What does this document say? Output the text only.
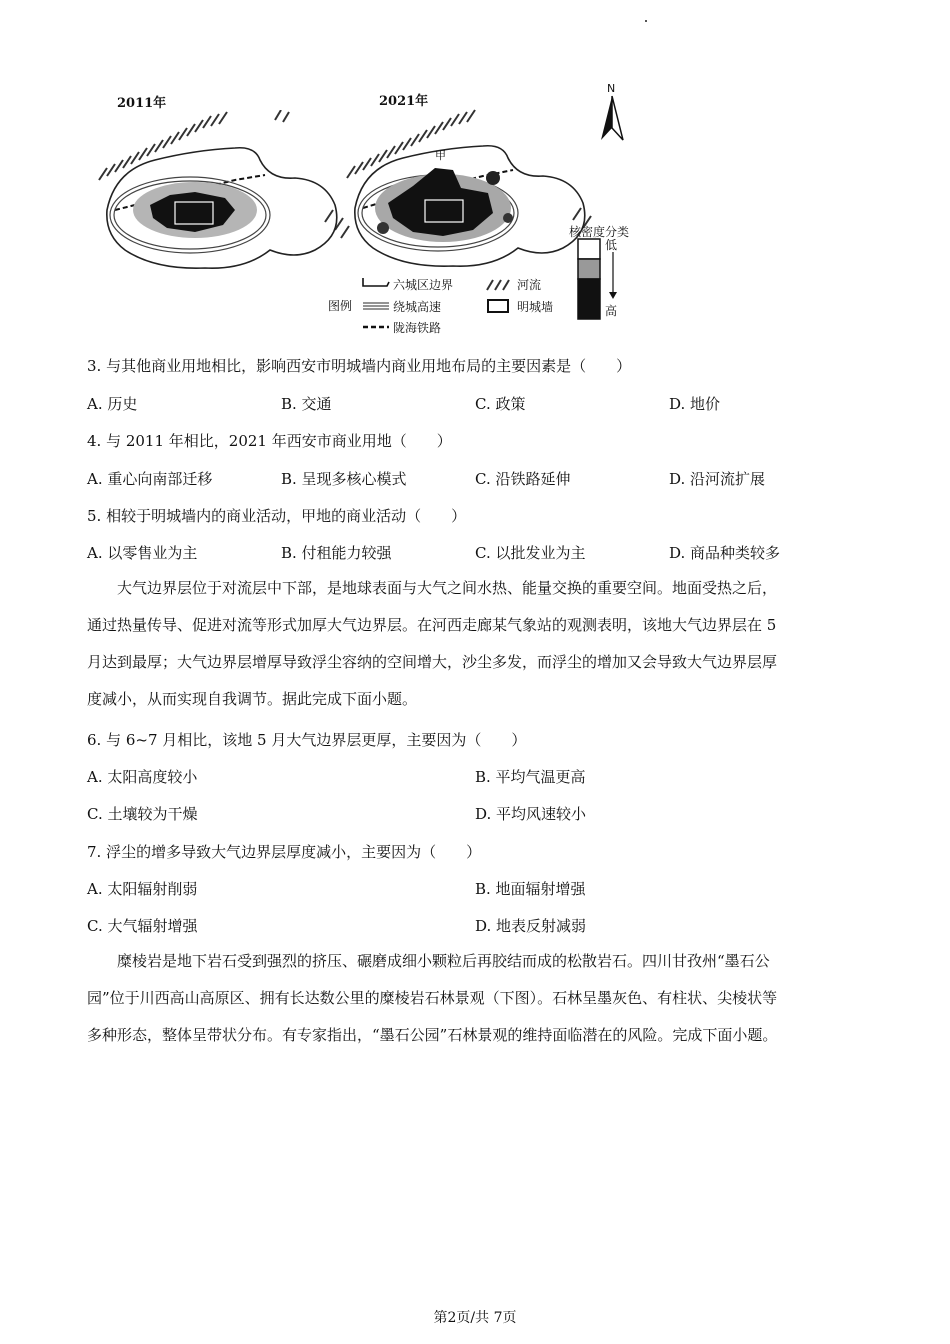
2011年	2021年
甲
N
核密度分类
低
高
图例
六城区边界	河流
绕城高速	明城墙
陇海铁路
3. 与其他商业用地相比，影响西安市明城墙内商业用地布局的主要因素是（　　）
A. 历史	B. 交通	C. 政策	D. 地价
4. 与 2011 年相比，2021 年西安市商业用地（　　）
A. 重心向南部迁移	B. 呈现多核心模式	C. 沿铁路延伸	D. 沿河流扩展
5. 相较于明城墙内的商业活动，甲地的商业活动（　　）
A. 以零售业为主	B. 付租能力较强	C. 以批发业为主	D. 商品种类较多
大气边界层位于对流层中下部，是地球表面与大气之间水热、能量交换的重要空间。地面受热之后，
通过热量传导、促进对流等形式加厚大气边界层。在河西走廊某气象站的观测表明，该地大气边界层在 5
月达到最厚；大气边界层增厚导致浮尘容纳的空间增大，沙尘多发，而浮尘的增加又会导致大气边界层厚
度减小，从而实现自我调节。据此完成下面小题。
6. 与 6~7 月相比，该地 5 月大气边界层更厚，主要因为（　　）
A. 太阳高度较小	B. 平均气温更高
C. 土壤较为干燥	D. 平均风速较小
7. 浮尘的增多导致大气边界层厚度减小，主要因为（　　）
A. 太阳辐射削弱	B. 地面辐射增强
C. 大气辐射增强	D. 地表反射减弱
糜棱岩是地下岩石受到强烈的挤压、碾磨成细小颗粒后再胶结而成的松散岩石。四川甘孜州“墨石公
园”位于川西高山高原区、拥有长达数公里的糜棱岩石林景观（下图）。石林呈墨灰色、有柱状、尖棱状等
多种形态，整体呈带状分布。有专家指出，“墨石公园”石林景观的维持面临潜在的风险。完成下面小题。
第2页/共 7页
